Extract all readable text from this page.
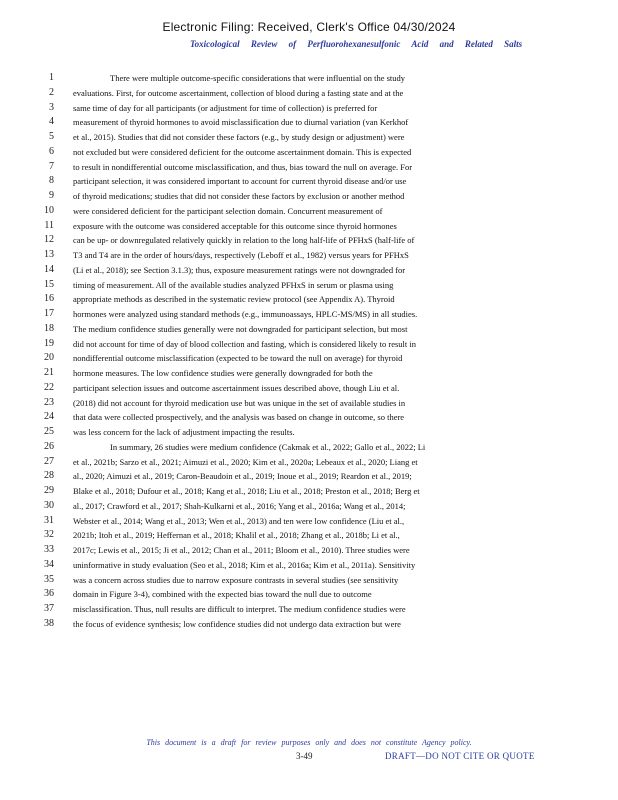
Electronic Filing: Received, Clerk's Office 04/30/2024
Toxicological Review of Perfluorohexanesulfonic Acid and Related Salts
1	There were multiple outcome-specific considerations that were influential on the study
2 evaluations. First, for outcome ascertainment, collection of blood during a fasting state and at the
3 same time of day for all participants (or adjustment for time of collection) is preferred for
4 measurement of thyroid hormones to avoid misclassification due to diurnal variation (van Kerkhof
5 et al., 2015). Studies that did not consider these factors (e.g., by study design or adjustment) were
6 not excluded but were considered deficient for the outcome ascertainment domain. This is expected
7 to result in nondifferential outcome misclassification, and thus, bias toward the null on average. For
8 participant selection, it was considered important to account for current thyroid disease and/or use
9 of thyroid medications; studies that did not consider these factors by exclusion or another method
10 were considered deficient for the participant selection domain. Concurrent measurement of
11 exposure with the outcome was considered acceptable for this outcome since thyroid hormones
12 can be up- or downregulated relatively quickly in relation to the long half-life of PFHxS (half-life of
13 T3 and T4 are in the order of hours/days, respectively (Leboff et al., 1982) versus years for PFHxS
14 (Li et al., 2018); see Section 3.1.3); thus, exposure measurement ratings were not downgraded for
15 timing of measurement. All of the available studies analyzed PFHxS in serum or plasma using
16 appropriate methods as described in the systematic review protocol (see Appendix A). Thyroid
17 hormones were analyzed using standard methods (e.g., immunoassays, HPLC-MS/MS) in all studies.
18 The medium confidence studies generally were not downgraded for participant selection, but most
19 did not account for time of day of blood collection and fasting, which is considered likely to result in
20 nondifferential outcome misclassification (expected to be toward the null on average) for thyroid
21 hormone measures. The low confidence studies were generally downgraded for both the
22 participant selection issues and outcome ascertainment issues described above, though Liu et al.
23 (2018) did not account for thyroid medication use but was unique in the set of available studies in
24 that data were collected prospectively, and the analysis was based on change in outcome, so there
25 was less concern for the lack of adjustment impacting the results.
26	In summary, 26 studies were medium confidence (Cakmak et al., 2022; Gallo et al., 2022; Li
27 et al., 2021b; Sarzo et al., 2021; Aimuzi et al., 2020; Kim et al., 2020a; Lebeaux et al., 2020; Liang et
28 al., 2020; Aimuzi et al., 2019; Caron-Beaudoin et al., 2019; Inoue et al., 2019; Reardon et al., 2019;
29 Blake et al., 2018; Dufour et al., 2018; Kang et al., 2018; Liu et al., 2018; Preston et al., 2018; Berg et
30 al., 2017; Crawford et al., 2017; Shah-Kulkarni et al., 2016; Yang et al., 2016a; Wang et al., 2014;
31 Webster et al., 2014; Wang et al., 2013; Wen et al., 2013) and ten were low confidence (Liu et al.,
32 2021b; Itoh et al., 2019; Heffernan et al., 2018; Khalil et al., 2018; Zhang et al., 2018b; Li et al.,
33 2017c; Lewis et al., 2015; Ji et al., 2012; Chan et al., 2011; Bloom et al., 2010). Three studies were
34 uninformative in study evaluation (Seo et al., 2018; Kim et al., 2016a; Kim et al., 2011a). Sensitivity
35 was a concern across studies due to narrow exposure contrasts in several studies (see sensitivity
36 domain in Figure 3-4), combined with the expected bias toward the null due to outcome
37 misclassification. Thus, null results are difficult to interpret. The medium confidence studies were
38 the focus of evidence synthesis; low confidence studies did not undergo data extraction but were
This document is a draft for review purposes only and does not constitute Agency policy.
3-49	DRAFT—DO NOT CITE OR QUOTE
